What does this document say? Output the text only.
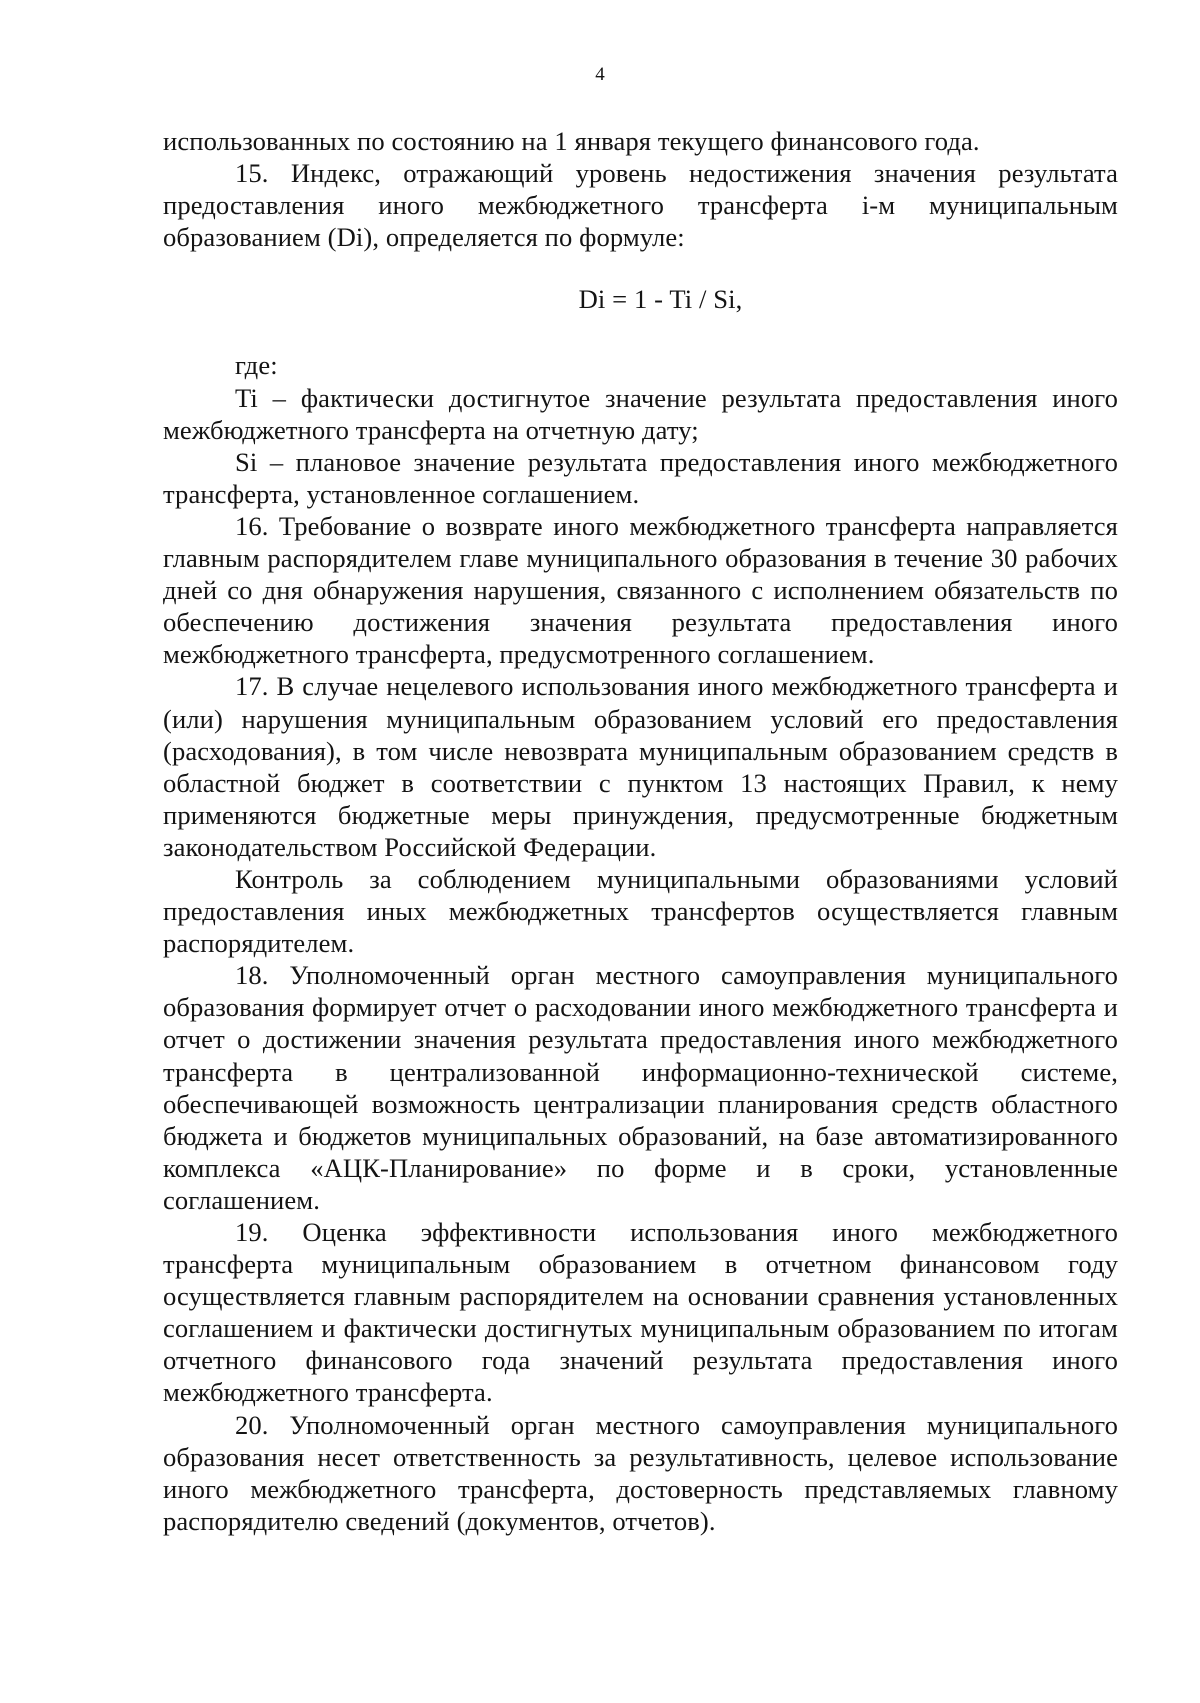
4

использованных по состоянию на 1 января текущего финансового года.

15. Индекс, отражающий уровень недостижения значения результата предоставления иного межбюджетного трансферта i-м муниципальным образованием (Di), определяется по формуле:

Di = 1 - Ti / Si,

где:

Ti – фактически достигнутое значение результата предоставления иного межбюджетного трансферта на отчетную дату;

Si – плановое значение результата предоставления иного межбюджетного трансферта, установленное соглашением.

16. Требование о возврате иного межбюджетного трансферта направляется главным распорядителем главе муниципального образования в течение 30 рабочих дней со дня обнаружения нарушения, связанного с исполнением обязательств по обеспечению достижения значения результата предоставления иного межбюджетного трансферта, предусмотренного соглашением.

17. В случае нецелевого использования иного межбюджетного трансферта и (или) нарушения муниципальным образованием условий его предоставления (расходования), в том числе невозврата муниципальным образованием средств в областной бюджет в соответствии с пунктом 13 настоящих Правил, к нему применяются бюджетные меры принуждения, предусмотренные бюджетным законодательством Российской Федерации.

Контроль за соблюдением муниципальными образованиями условий предоставления иных межбюджетных трансфертов осуществляется главным распорядителем.

18. Уполномоченный орган местного самоуправления муниципального образования формирует отчет о расходовании иного межбюджетного трансферта и отчет о достижении значения результата предоставления иного межбюджетного трансферта в централизованной информационно-технической системе, обеспечивающей возможность централизации планирования средств областного бюджета и бюджетов муниципальных образований, на базе автоматизированного комплекса «АЦК-Планирование» по форме и в сроки, установленные соглашением.

19. Оценка эффективности использования иного межбюджетного трансферта муниципальным образованием в отчетном финансовом году осуществляется главным распорядителем на основании сравнения установленных соглашением и фактически достигнутых муниципальным образованием по итогам отчетного финансового года значений результата предоставления иного межбюджетного трансферта.

20. Уполномоченный орган местного самоуправления муниципального образования несет ответственность за результативность, целевое использование иного межбюджетного трансферта, достоверность представляемых главному распорядителю сведений (документов, отчетов).
